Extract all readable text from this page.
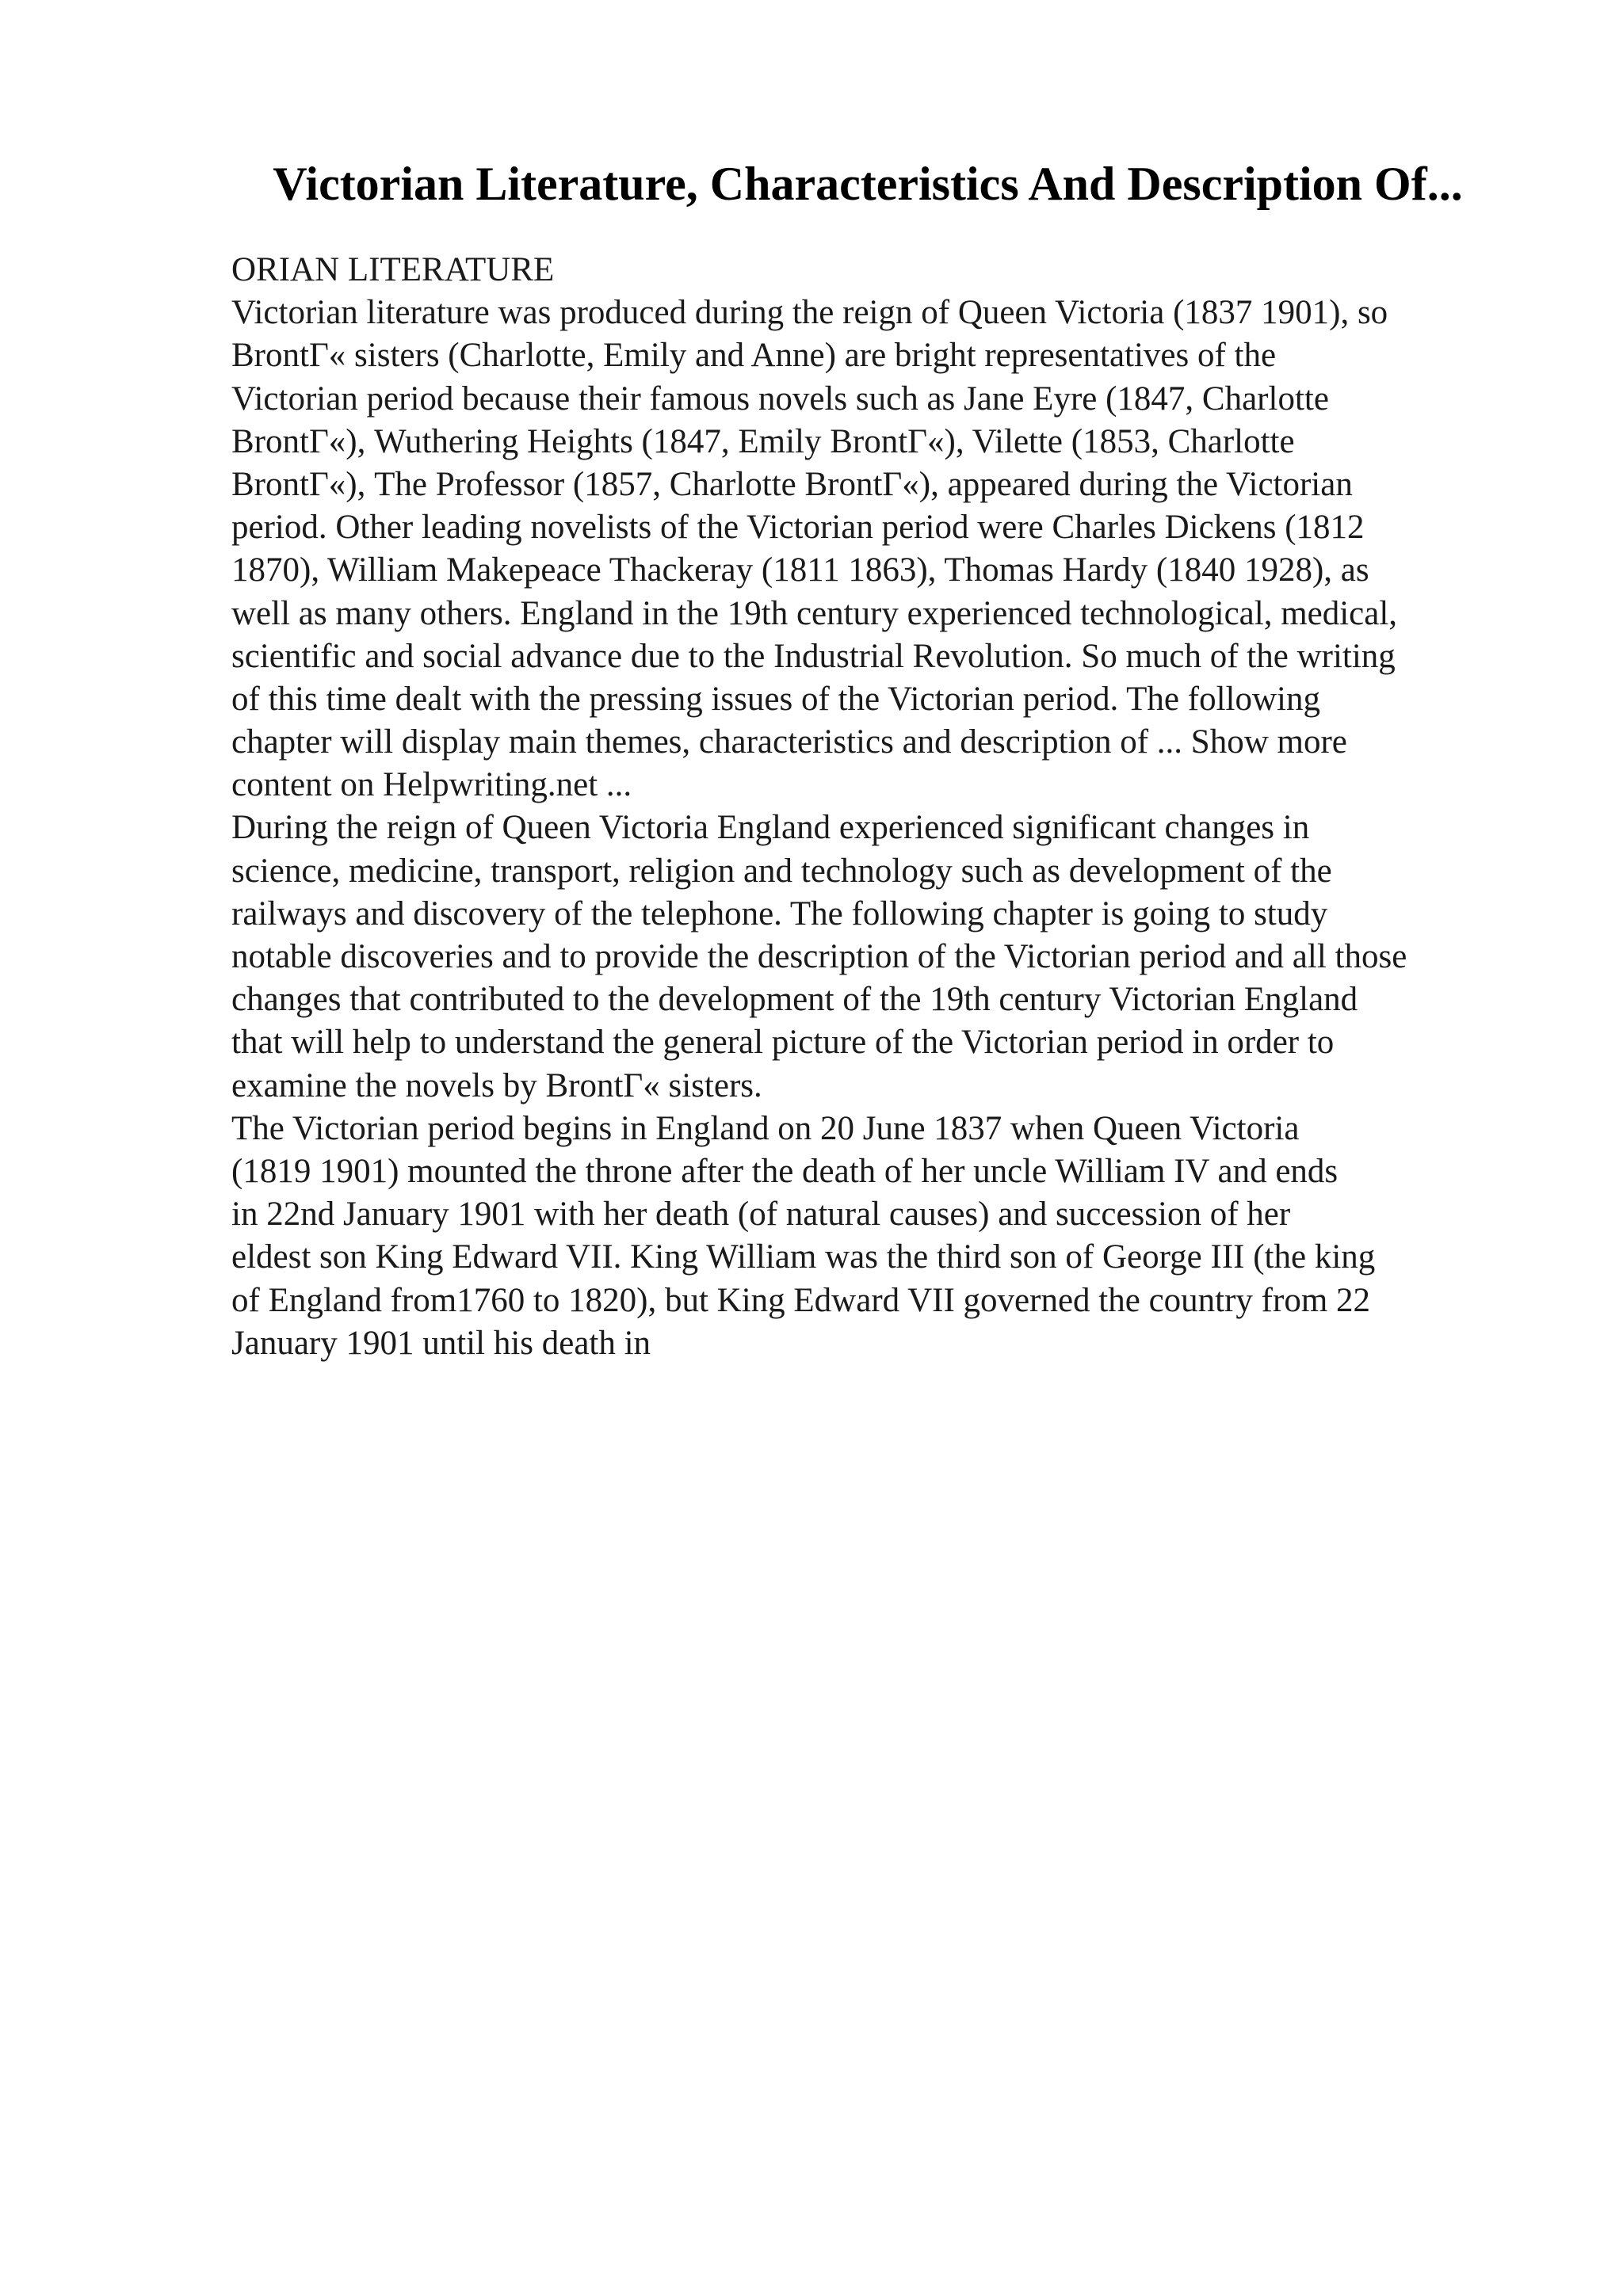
Victorian Literature, Characteristics And Description Of...
ORIAN LITERATURE
Victorian literature was produced during the reign of Queen Victoria (1837 1901), so
BrontΓ« sisters (Charlotte, Emily and Anne) are bright representatives of the
Victorian period because their famous novels such as Jane Eyre (1847, Charlotte
BrontΓ«), Wuthering Heights (1847, Emily BrontΓ«), Vilette (1853, Charlotte
BrontΓ«), The Professor (1857, Charlotte BrontΓ«), appeared during the Victorian
period. Other leading novelists of the Victorian period were Charles Dickens (1812
1870), William Makepeace Thackeray (1811 1863), Thomas Hardy (1840 1928), as
well as many others. England in the 19th century experienced technological, medical,
scientific and social advance due to the Industrial Revolution. So much of the writing
of this time dealt with the pressing issues of the Victorian period. The following
chapter will display main themes, characteristics and description of ... Show more
content on Helpwriting.net ...
During the reign of Queen Victoria England experienced significant changes in
science, medicine, transport, religion and technology such as development of the
railways and discovery of the telephone. The following chapter is going to study
notable discoveries and to provide the description of the Victorian period and all those
changes that contributed to the development of the 19th century Victorian England
that will help to understand the general picture of the Victorian period in order to
examine the novels by BrontΓ« sisters.
The Victorian period begins in England on 20 June 1837 when Queen Victoria
(1819 1901) mounted the throne after the death of her uncle William IV and ends
in 22nd January 1901 with her death (of natural causes) and succession of her
eldest son King Edward VII. King William was the third son of George III (the king
of England from1760 to 1820), but King Edward VII governed the country from 22
January 1901 until his death in
